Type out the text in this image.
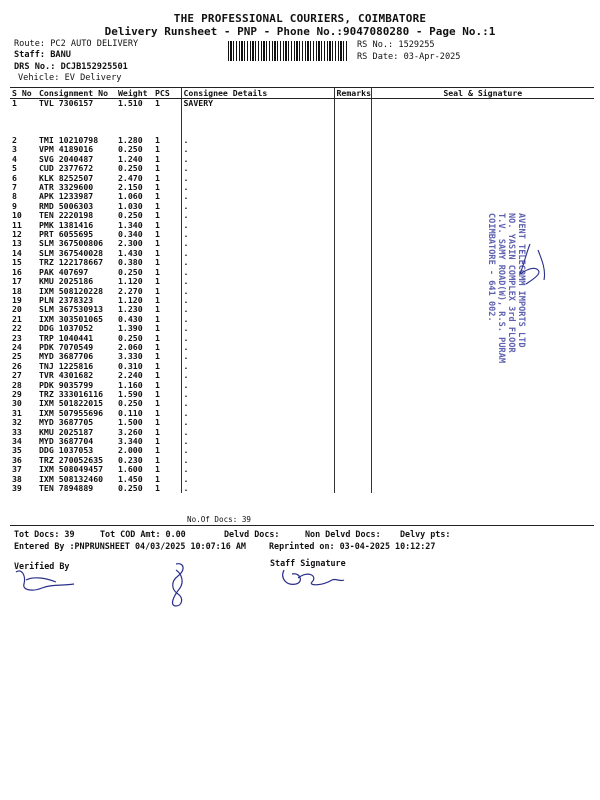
THE PROFESSIONAL COURIERS, COIMBATORE
Delivery Runsheet - PNP - Phone No.:9047080280 - Page No.:1
Route: PC2 AUTO DELIVERY
Staff: BANU
DRS No.: DCJB152925501
Vehicle: EV Delivery
RS No.: 1529255
RS Date: 03-Apr-2025
S No	Consignment No	Weight	PCS	Consignee Details	Remarks	Seal & Signature
1	TVL 7306157	1.510	1	SAVERY		
2	TMI 10210798	1.280	1	.		
3	VPM 4189016	0.250	1	.		
4	SVG 2040487	1.240	1	.		
5	CUD 2377672	0.250	1	.		
6	KLK 8252507	2.470	1	.		
7	ATR 3329600	2.150	1	.		
8	APK 1233987	1.060	1	.		
9	RMD 5006303	1.030	1	.		
10	TEN 2220198	0.250	1	.		
11	PMK 1381416	1.340	1	.		
12	PRT 6055695	0.340	1	.		
13	SLM 367500806	2.300	1	.		
14	SLM 367540028	1.430	1	.		
15	TRZ 122178667	0.380	1	.		
16	PAK 407697	0.250	1	.		
17	KMU 2025186	1.120	1	.		
18	IXM 508120228	2.270	1	.		
19	PLN 2378323	1.120	1	.		
20	SLM 367530913	1.230	1	.		
21	IXM 303501065	0.430	1	.		
22	DDG 1037052	1.390	1	.		
23	TRP 1040441	0.250	1	.		
24	PDK 7070549	2.060	1	.		
25	MYD 3687706	3.330	1	.		
26	TNJ 1225816	0.310	1	.		
27	TVR 4301682	2.240	1	.		
28	PDK 9035799	1.160	1	.		
29	TRZ 333016116	1.590	1	.		
30	IXM 501822015	0.250	1	.		
31	IXM 507955696	0.110	1	.		
32	MYD 3687705	1.500	1	.		
33	KMU 2025187	3.260	1	.		
34	MYD 3687704	3.340	1	.		
35	DDG 1037053	2.000	1	.		
36	TRZ 270052635	0.230	1	.		
37	IXM 508049457	1.600	1	.		
38	IXM 508132460	1.450	1	.		
39	TEN 7894889	0.250	1	.		
No.Of Docs: 39
Tot Docs: 39	Tot COD Amt: 0.00	Delvd Docs:	Non Delvd Docs: Delvy pts:
Entered By :PNPRUNSHEET 04/03/2025 10:07:16 AM	Reprinted on: 03-04-2025 10:12:27
Verified By	Staff Signature
AVENT TELECOMM IMPORTS LTD
NO. YASIN COMPLEX 3rd FLOOR
T.V. SAMY ROAD(W), R.S. PURAM
COIMBATORE - 641 002.
